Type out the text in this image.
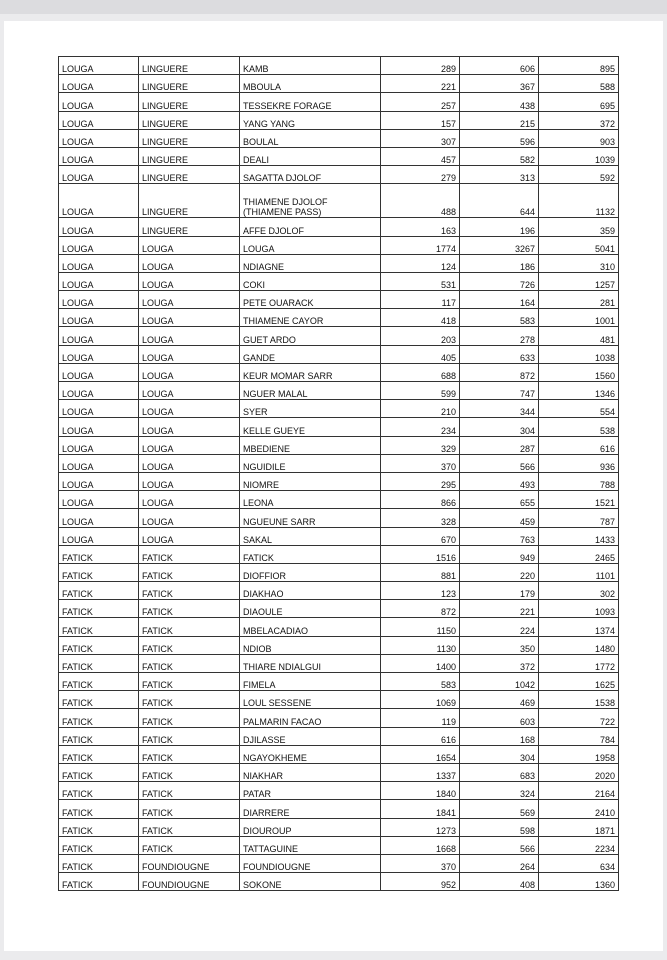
LOUGA	LINGUERE	KAMB	289	606	895
LOUGA	LINGUERE	MBOULA	221	367	588
LOUGA	LINGUERE	TESSEKRE FORAGE	257	438	695
LOUGA	LINGUERE	YANG YANG	157	215	372
LOUGA	LINGUERE	BOULAL	307	596	903
LOUGA	LINGUERE	DEALI	457	582	1039
LOUGA	LINGUERE	SAGATTA DJOLOF	279	313	592
LOUGA	LINGUERE	THIAMENE DJOLOF (THIAMENE PASS)	488	644	1132
LOUGA	LINGUERE	AFFE DJOLOF	163	196	359
LOUGA	LOUGA	LOUGA	1774	3267	5041
LOUGA	LOUGA	NDIAGNE	124	186	310
LOUGA	LOUGA	COKI	531	726	1257
LOUGA	LOUGA	PETE OUARACK	117	164	281
LOUGA	LOUGA	THIAMENE CAYOR	418	583	1001
LOUGA	LOUGA	GUET ARDO	203	278	481
LOUGA	LOUGA	GANDE	405	633	1038
LOUGA	LOUGA	KEUR MOMAR SARR	688	872	1560
LOUGA	LOUGA	NGUER MALAL	599	747	1346
LOUGA	LOUGA	SYER	210	344	554
LOUGA	LOUGA	KELLE GUEYE	234	304	538
LOUGA	LOUGA	MBEDIENE	329	287	616
LOUGA	LOUGA	NGUIDILE	370	566	936
LOUGA	LOUGA	NIOMRE	295	493	788
LOUGA	LOUGA	LEONA	866	655	1521
LOUGA	LOUGA	NGUEUNE SARR	328	459	787
LOUGA	LOUGA	SAKAL	670	763	1433
FATICK	FATICK	FATICK	1516	949	2465
FATICK	FATICK	DIOFFIOR	881	220	1101
FATICK	FATICK	DIAKHAO	123	179	302
FATICK	FATICK	DIAOULE	872	221	1093
FATICK	FATICK	MBELACADIAO	1150	224	1374
FATICK	FATICK	NDIOB	1130	350	1480
FATICK	FATICK	THIARE NDIALGUI	1400	372	1772
FATICK	FATICK	FIMELA	583	1042	1625
FATICK	FATICK	LOUL SESSENE	1069	469	1538
FATICK	FATICK	PALMARIN FACAO	119	603	722
FATICK	FATICK	DJILASSE	616	168	784
FATICK	FATICK	NGAYOKHEME	1654	304	1958
FATICK	FATICK	NIAKHAR	1337	683	2020
FATICK	FATICK	PATAR	1840	324	2164
FATICK	FATICK	DIARRERE	1841	569	2410
FATICK	FATICK	DIOUROUP	1273	598	1871
FATICK	FATICK	TATTAGUINE	1668	566	2234
FATICK	FOUNDIOUGNE	FOUNDIOUGNE	370	264	634
FATICK	FOUNDIOUGNE	SOKONE	952	408	1360
